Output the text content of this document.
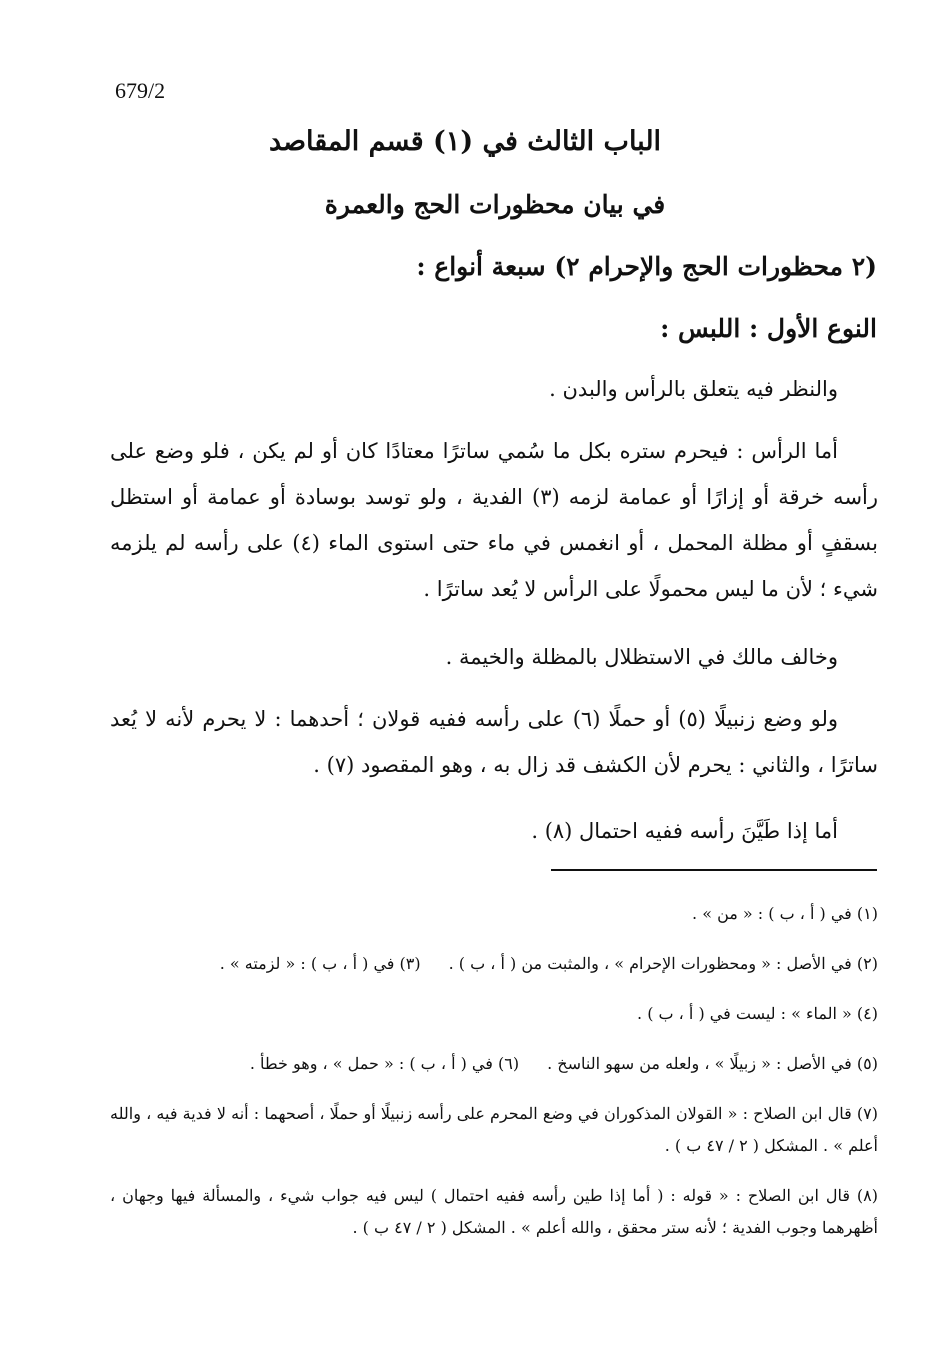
679/2
الباب الثالث في (١) قسم المقاصد
في بيان محظورات الحج والعمرة
(٢ محظورات الحج والإحرام ٢) سبعة أنواع :
النوع الأول : اللبس :
والنظر فيه يتعلق بالرأس والبدن .
أما الرأس : فيحرم ستره بكل ما سُمي ساترًا معتادًا كان أو لم يكن ، فلو وضع على رأسه خرقة أو إزارًا أو عمامة لزمه (٣) الفدية ، ولو توسد بوسادة أو عمامة أو استظل بسقفٍ أو مظلة المحمل ، أو انغمس في ماء حتى استوى الماء (٤) على رأسه لم يلزمه شيء ؛ لأن ما ليس محمولًا على الرأس لا يُعد ساترًا .
وخالف مالك في الاستظلال بالمظلة والخيمة .
ولو وضع زنبيلًا (٥) أو حملًا (٦) على رأسه ففيه قولان ؛ أحدهما : لا يحرم لأنه لا يُعد ساترًا ، والثاني : يحرم لأن الكشف قد زال به ، وهو المقصود (٧) .
أما إذا طَيَّنَ رأسه ففيه احتمال (٨) .
(١) في ( أ ، ب ) : « من » .
(٢) في الأصل : « ومحظورات الإحرام » ، والمثبت من ( أ ، ب ) .(٣) في ( أ ، ب ) : « لزمته » .
(٤) « الماء » : ليست في ( أ ، ب ) .
(٥) في الأصل : « زبيلًا » ، ولعله من سهو الناسخ .(٦) في ( أ ، ب ) : « حمل » ، وهو خطأ .
(٧) قال ابن الصلاح : « القولان المذكوران في وضع المحرم على رأسه زنبيلًا أو حملًا ، أصحهما : أنه لا فدية فيه ، والله أعلم » . المشكل ( ٢ / ٤٧ ب ) .
(٨) قال ابن الصلاح : « قوله : ( أما إذا طين رأسه ففيه احتمال ) ليس فيه جواب شيء ، والمسألة فيها وجهان ، أظهرهما وجوب الفدية ؛ لأنه ستر محقق ، والله أعلم » . المشكل ( ٢ / ٤٧ ب ) .
